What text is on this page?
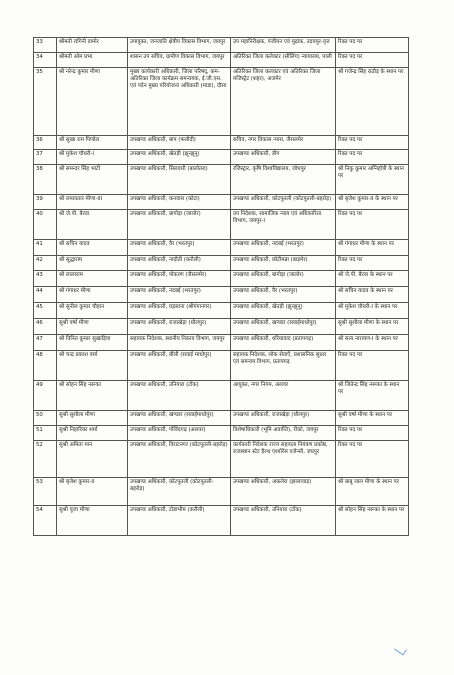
33	श्रीमती रागिनी डामोर	उपायुक्त, जनजाति क्षेत्रीय विकास विभाग, जयपुर	उप महानिरीक्षक, पंजीयन एवं मुद्रांक, उदयपुर-वृत्त	रिक्त पद पर
34	श्रीमती ओम प्रभा	शासन उप सचिव, ग्रामीण विकास विभाग, जयपुर	अतिरिक्त जिला कलेक्टर (सीलिंग) न्यायालय, पाली	रिक्त पद पर
35	श्री नरेन्द्र कुमार मीणा	मुख्य कार्यकारी अधिकारी, जिला परिषद्, कम- अतिरिक्त जिला कार्यक्रम समन्वयक, ई.जी.एस. एवं पदेन मुख्य परियोजना अधिकारी (माडा), दौसा	अतिरिक्त जिला कलक्टर एवं अतिरिक्त जिला मजिस्ट्रेट (शहर), अजमेर	श्री गजेन्द्र सिंह राठौड़ के स्थान पर
36	श्री सुखा राम पिण्डेल	उपखण्ड अधिकारी, बाप (फलौदी)	सचिव, नगर विकास न्यास, जैसलमेर	रिक्त पद पर
37	श्री मुकेश चौधरी-I	उपखण्ड अधिकारी, खेतड़ी (झुन्झुनू)	उपखण्ड अधिकारी, डीग	रिक्त पद पर
38	श्री समन्दर सिंह भाटी	उपखण्ड अधिकारी, सिलवारी (बालोतरा)	रजिस्ट्रार, कृषि विश्वविद्यालय, जोधपुर	श्री निकु कुमार अग्निहोत्री के स्थान पर
39	श्री रामावतार मीणा-III	उपखण्ड अधिकारी, कनवास (कोटा)	उपखण्ड अधिकारी, कोटपूतली (कोटपूतली-बहरोड़)	श्री बृजेश कुमार-II के स्थान पर
40	श्री जे.पी. बैरवा	उपखण्ड अधिकारी, बागोड़ा (जालोर)	उप निदेशक, सामाजिक न्याय एवं अधिकारिता विभाग, जयपुर-I	रिक्त पद पर
41	श्री सचिन यादव	उपखण्ड अधिकारी, वैर (भरतपुर)	उपखण्ड अधिकारी, नदबई (भरतपुर)	श्री गंगाधर मीणा के स्थान पर
42	श्री सुद्धाराम	उपखण्ड अधिकारी, नादौती (करौली)	उपखण्ड अधिकारी, छोटीमन्ना (बाड़मेर)	रिक्त पद पर
43	श्री लालाराम	उपखण्ड अधिकारी, पोकरण (जैसलमेर)	उपखण्ड अधिकारी, बागोड़ा (जालोर)	श्री जे.पी. बैरवा के स्थान पर
44	श्री गंगाधर मीणा	उपखण्ड अधिकारी, नदबई (भरतपुर)	उपखण्ड अधिकारी, वैर (भरतपुर)	श्री सचिन यादव के स्थान पर
45	श्री सुनील कुमार चौहान	उपखण्ड अधिकारी, घड़साना (श्रीगंगानगर)	उपखण्ड अधिकारी, खेतड़ी (झुन्झुनू)	श्री मुकेश चौधरी-I के स्थान पर
46	सुश्री वर्षा मीणा	उपखण्ड अधिकारी, राजाखेड़ा (धौलपुर)	उपखण्ड अधिकारी, खण्डार (सवाईमाधोपुर)	सुश्री सुशीला मीणा के स्थान पर
47	श्री विनित कुमार सुखाड़िया	सहायक निदेशक, स्थानीय निकाय विभाग, जयपुर	उपखण्ड अधिकारी, धरियावाद (प्रतापगढ़)	श्री सत्य नारायण-I के स्थान पर
48	श्री चन्द्र प्रकाश वर्मा	उपखण्ड अधिकारी, बौंली (सवाई माधोपुर)	सहायक निदेशक, लोक सेवाएँ, प्रशासनिक सुधार एवं समन्वय विभाग, प्रतापगढ़	रिक्त पद पर
49	श्री सोहन सिंह नरूका	उपखण्ड अधिकारी, उनियारा (टोंक)	आयुक्त, नगर निगम, अलवर	श्री जितेन्द्र सिंह नरूका के स्थान पर
50	सुश्री सुशीला मीणा	उपखण्ड अधिकारी, खण्डार (सवाईमाधोपुर)	उपखण्ड अधिकारी, राजाखेड़ा (धौलपुर)	सुश्री वर्षा मीणा के स्थान पर
51	सुश्री निहारिका शर्मा	उपखण्ड अधिकारी, गोविंदगढ़ (अलवर)	विशेषाधिकारी (भूमि अवाप्ति), रीको, जयपुर	रिक्त पद पर
52	सुश्री अमिता मान	उपखण्ड अधिकारी, विराटनगर (कोटपूतली-बहरोड़)	कार्यकारी निदेशक राज्य सहायता नियंत्रण प्रकोष्ठ, राजस्थान स्टेट हैल्थ एश्योरेंस एजेन्सी, जयपुर	रिक्त पद पर
53	श्री बृजेश कुमार-II	उपखण्ड अधिकारी, कोटपूतली (कोटपूतली-बहरोड़)	उपखण्ड अधिकारी, अकलेरा (झालावाड़)	श्री बाबू लाल मीणा के स्थान पर
54	सुश्री पूजा मीणा	उपखण्ड अधिकारी, टोडाभीम (करौली)	उपखण्ड अधिकारी, उनियारा (टोंक)	श्री सोहन सिंह नरूका के स्थान पर
